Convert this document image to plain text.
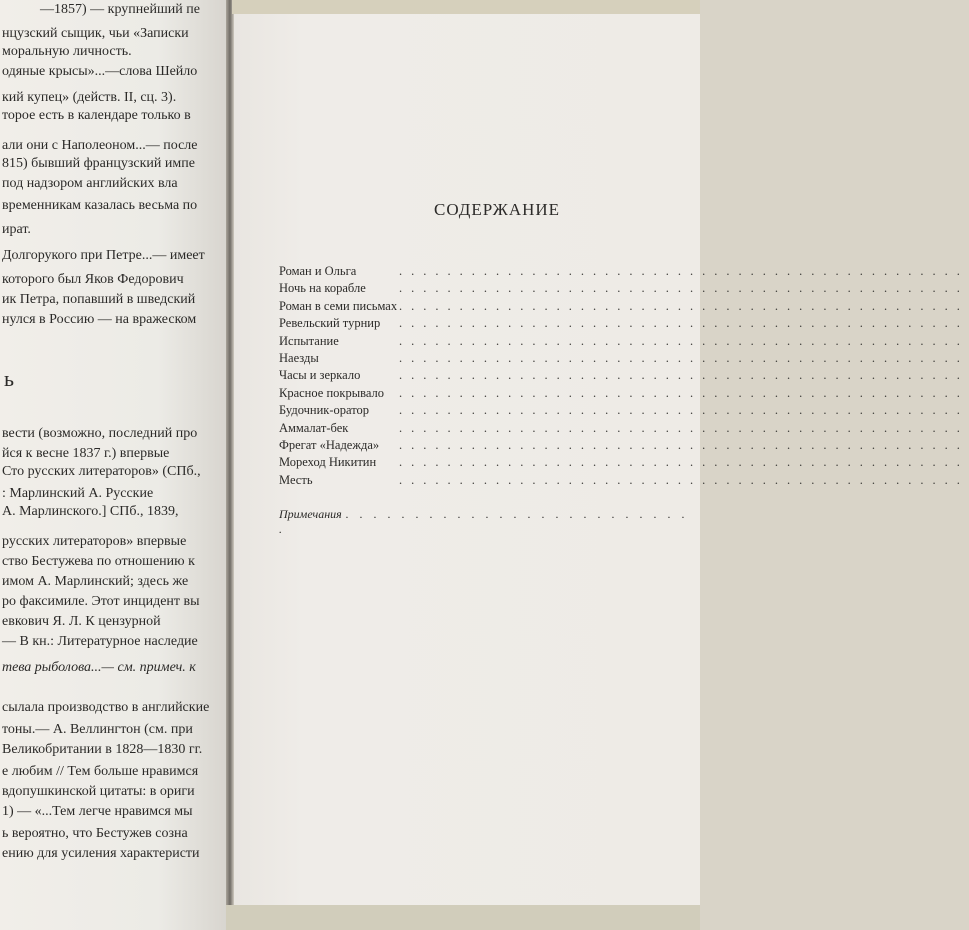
—1857) — крупнейший пе
нцузский сыщик, чьи «Записки
моральную личность.
одяные крысы»...—слова Шейло
кий купец» (действ. II, сц. 3).
торое есть в календаре только в
али они с Наполеоном...— после
815) бывший французский импе
под надзором английских вла
временникам казалась весьма по
ират.
Долгорукого при Петре...— имеет
которого был Яков Федорович
ик Петра, попавший в шведский
нулся в Россию — на вражеском
ь
вести (возможно, последний про
йся к весне 1837 г.) впервые
Сто русских литераторов» (СПб.,
: Марлинский А. Русские
А. Марлинского.] СПб., 1839,
русских литераторов» впервые
ство Бестужева по отношению к
имом А. Марлинский; здесь же
ро факсимиле. Этот инцидент вы
евкович Я. Л. К цензурной
— В кн.: Литературное наследие
тева рыболова...— см. примеч. к
сылала производство в английские
тоны.— А. Веллингтон (см. при
Великобритании в 1828—1830 гг.
е любим // Тем больше нравимся
вдопушкинской цитаты: в ориги
1) — «...Тем легче нравимся мы
ь вероятно, что Бестужев созна
ению для усиления характеристи
СОДЕРЖАНИЕ
Роман и Ольга	...............................................
Ночь на корабле	...............................................
Роман в семи письмах ...............................................
Ревельский турнир ...............................................
Испытание	...............................................
Наезды	...............................................
Часы и зеркало	...............................................
Красное покрывало ...............................................
Будочник-оратор ...............................................
Аммалат-бек	...............................................
Фрегат «Надежда» ...............................................
Мореход Никитин ...............................................
Месть	...............................................
Примечания . . . . . . . . . . . . . . . . . . . . . . . . . .
